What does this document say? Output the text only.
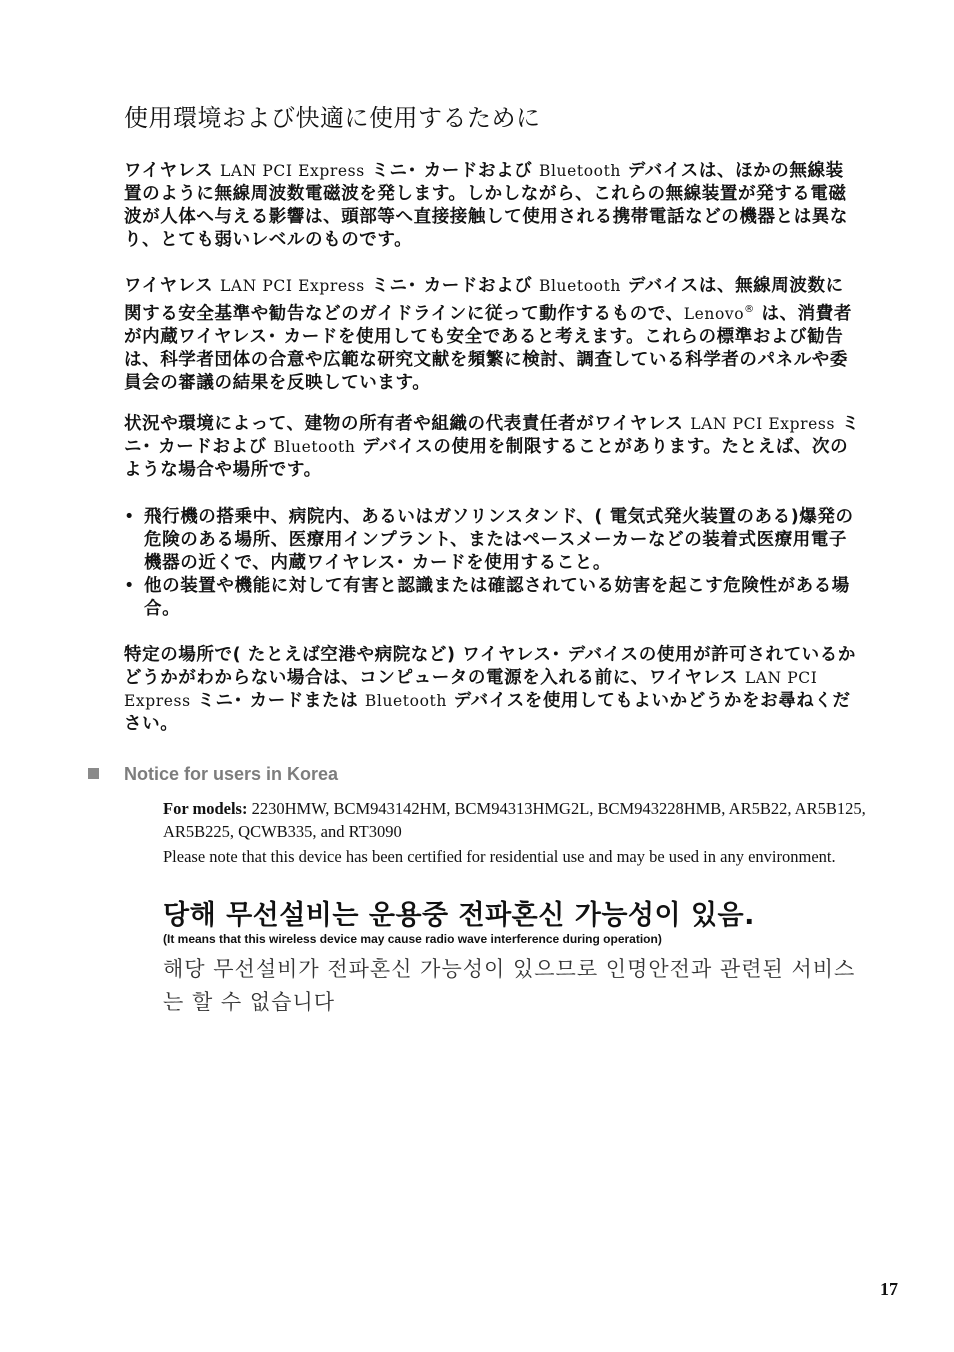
使用環境および快適に使用するために

ワイヤレス LAN PCI Express ミニ･ カードおよび Bluetooth デバイスは、ほかの無線装置のように無線周波数電磁波を発します。しかしながら、これらの無線装置が発する電磁波が人体へ与える影響は、頭部等へ直接接触して使用される携帯電話などの機器とは異なり、とても弱いレベルのものです。

ワイヤレス LAN PCI Express ミニ･ カードおよび Bluetooth デバイスは、無線周波数に関する安全基準や勧告などのガイドラインに従って動作するもので、Lenovo® は、消費者が内蔵ワイヤレス･ カードを使用しても安全であると考えます。これらの標準および勧告は、科学者団体の合意や広範な研究文献を頻繁に検討、調査している科学者のパネルや委員会の審議の結果を反映しています。

状況や環境によって、建物の所有者や組織の代表責任者がワイヤレス LAN PCI Express ミニ･ カードおよび Bluetooth デバイスの使用を制限することがあります。たとえば、次のような場合や場所です。

• 飛行機の搭乗中、病院内、あるいはガソリンスタンド、( 電気式発火装置のある)爆発の危険のある場所、医療用インプラント、またはペースメーカーなどの装着式医療用電子機器の近くで、内蔵ワイヤレス･ カードを使用すること。
• 他の装置や機能に対して有害と認識または確認されている妨害を起こす危険性がある場合。

特定の場所で( たとえば空港や病院など) ワイヤレス･ デバイスの使用が許可されているかどうかがわからない場合は、コンピュータの電源を入れる前に、ワイヤレス LAN PCI Express ミニ･ カードまたは Bluetooth デバイスを使用してもよいかどうかをお尋ねください。

Notice for users in Korea

For models: 2230HMW, BCM943142HM, BCM94313HMG2L, BCM943228HMB, AR5B22, AR5B125, AR5B225, QCWB335, and RT3090

Please note that this device has been certified for residential use and may be used in any environment.

당해 무선설비는 운용중 전파혼신 가능성이 있음.

(It means that this wireless device may cause radio wave interference during operation)

해당 무선설비가 전파혼신 가능성이 있으므로 인명안전과 관련된 서비스는 할 수 없습니다

17
